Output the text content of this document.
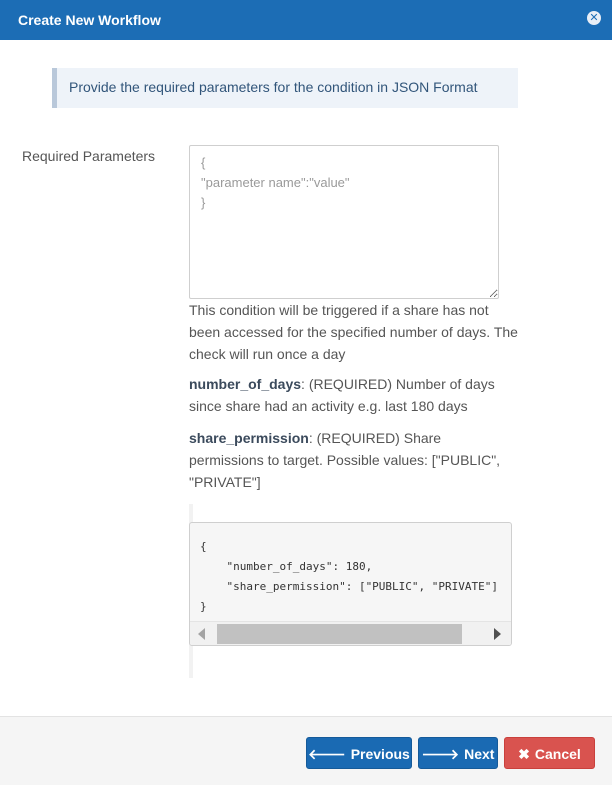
Create New Workflow	✕
Provide the required parameters for the condition in JSON Format
Required Parameters
{ "parameter name":"value" }
This condition will be triggered if a share has not been accessed for the specified number of days. The check will run once a day
number_of_days: (REQUIRED) Number of days since share had an activity e.g. last 180 days
share_permission: (REQUIRED) Share permissions to target. Possible values: ["PUBLIC", "PRIVATE"]
{
"number_of_days": 180,
"share_permission": ["PUBLIC", "PRIVATE"]
}
🡐 Previous 🡒 Next	✖ Cancel
